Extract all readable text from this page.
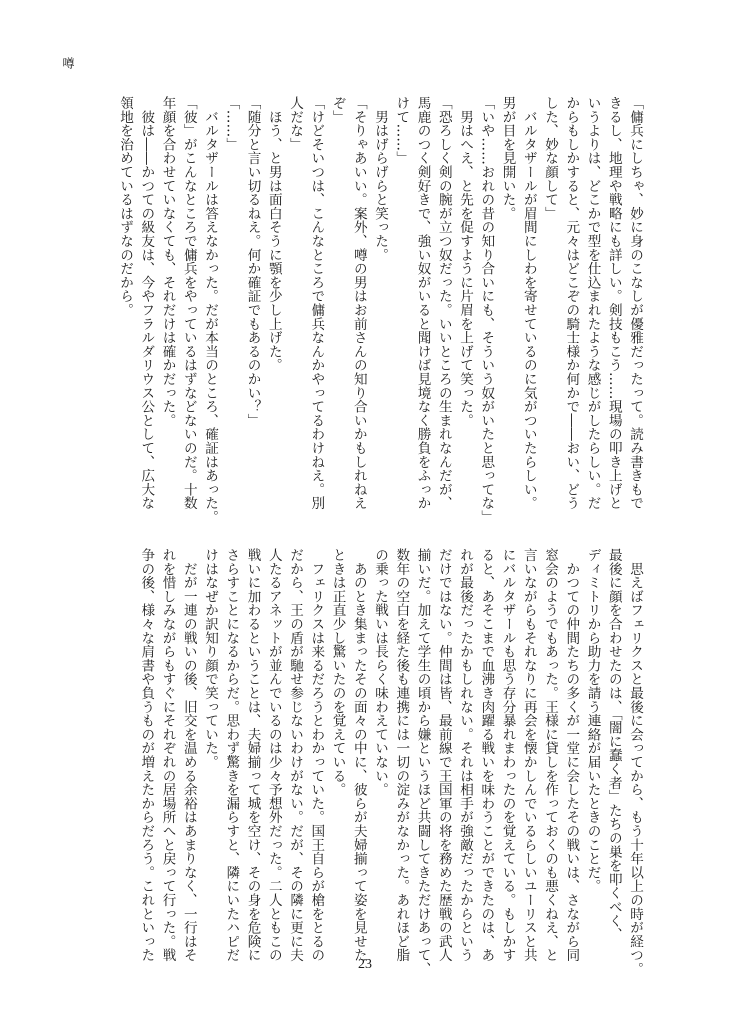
噂
「傭兵にしちゃ、妙に身のこなしが優雅だったって。読み書きもで
きるし、地理や戦略にも詳しい。剣技もこう……現場の叩き上げと
いうよりは、どこかで型を仕込まれたような感じがしたらしい。だ
からもしかすると、元々はどこぞの騎士様か何かで――おい、どう
した、妙な顔して」
　バルタザールが眉間にしわを寄せているのに気がついたらしい。
男が目を見開いた。
「いや……おれの昔の知り合いにも、そういう奴がいたと思ってな」
　男はへえ、と先を促すように片眉を上げて笑った。
「恐ろしく剣の腕が立つ奴だった。いいところの生まれなんだが、
馬鹿のつく剣好きで、強い奴がいると聞けば見境なく勝負をふっか
けて……」
　男はげらげらと笑った。
「そりゃあいい。案外、噂の男はお前さんの知り合いかもしれねえ
ぞ」
「けどそいつは、こんなところで傭兵なんかやってるわけねえ。別
人だな」
　ほう、と男は面白そうに顎を少し上げた。
「随分と言い切るねえ。何か確証でもあるのかい？」
「……」
　バルタザールは答えなかった。だが本当のところ、確証はあった。
「彼」がこんなところで傭兵をやっているはずなどないのだ。十数
年顔を合わせていなくても、それだけは確かだった。
　彼は――かつての級友は、今やフラルダリウス公として、広大な
領地を治めているはずなのだから。
　思えばフェリクスと最後に会ってから、もう十年以上の時が経つ。
最後に顔を合わせたのは、「闇に蠢く者」たちの巣を叩くべく、
ディミトリから助力を請う連絡が届いたときのことだ。
　かつての仲間たちの多くが一堂に会したその戦いは、さながら同
窓会のようでもあった。王様に貸しを作っておくのも悪くねえ、と
言いながらもそれなりに再会を懐かしんでいるらしいユーリスと共
にバルタザールも思う存分暴れまわったのを覚えている。もしかす
ると、あそこまで血沸き肉躍る戦いを味わうことができたのは、あ
れが最後だったかもしれない。それは相手が強敵だったからという
だけではない。仲間は皆、最前線で王国軍の将を務めた歴戦の武人
揃いだ。加えて学生の頃から嫌というほど共闘してきただけあって、
数年の空白を経た後も連携には一切の淀みがなかった。あれほど脂
の乗った戦いは長らく味わえていない。
　あのとき集まったその面々の中に、彼らが夫婦揃って姿を見せた
ときは正直少し驚いたのを覚えている。
　フェリクスは来るだろうとわかっていた。国王自らが槍をとるの
だから、王の盾が馳せ参じないわけがない。だが、その隣に更に夫
人たるアネットが並んでいるのは少々予想外だった。二人ともこの
戦いに加わるということは、夫婦揃って城を空け、その身を危険に
さらすことになるからだ。思わず驚きを漏らすと、隣にいたハピだ
けはなぜか訳知り顔で笑っていた。
　だが一連の戦いの後、旧交を温める余裕はあまりなく、一行はそ
れを惜しみながらもすぐにそれぞれの居場所へと戻って行った。戦
争の後、様々な肩書や負うものが増えたからだろう。これといった
23
